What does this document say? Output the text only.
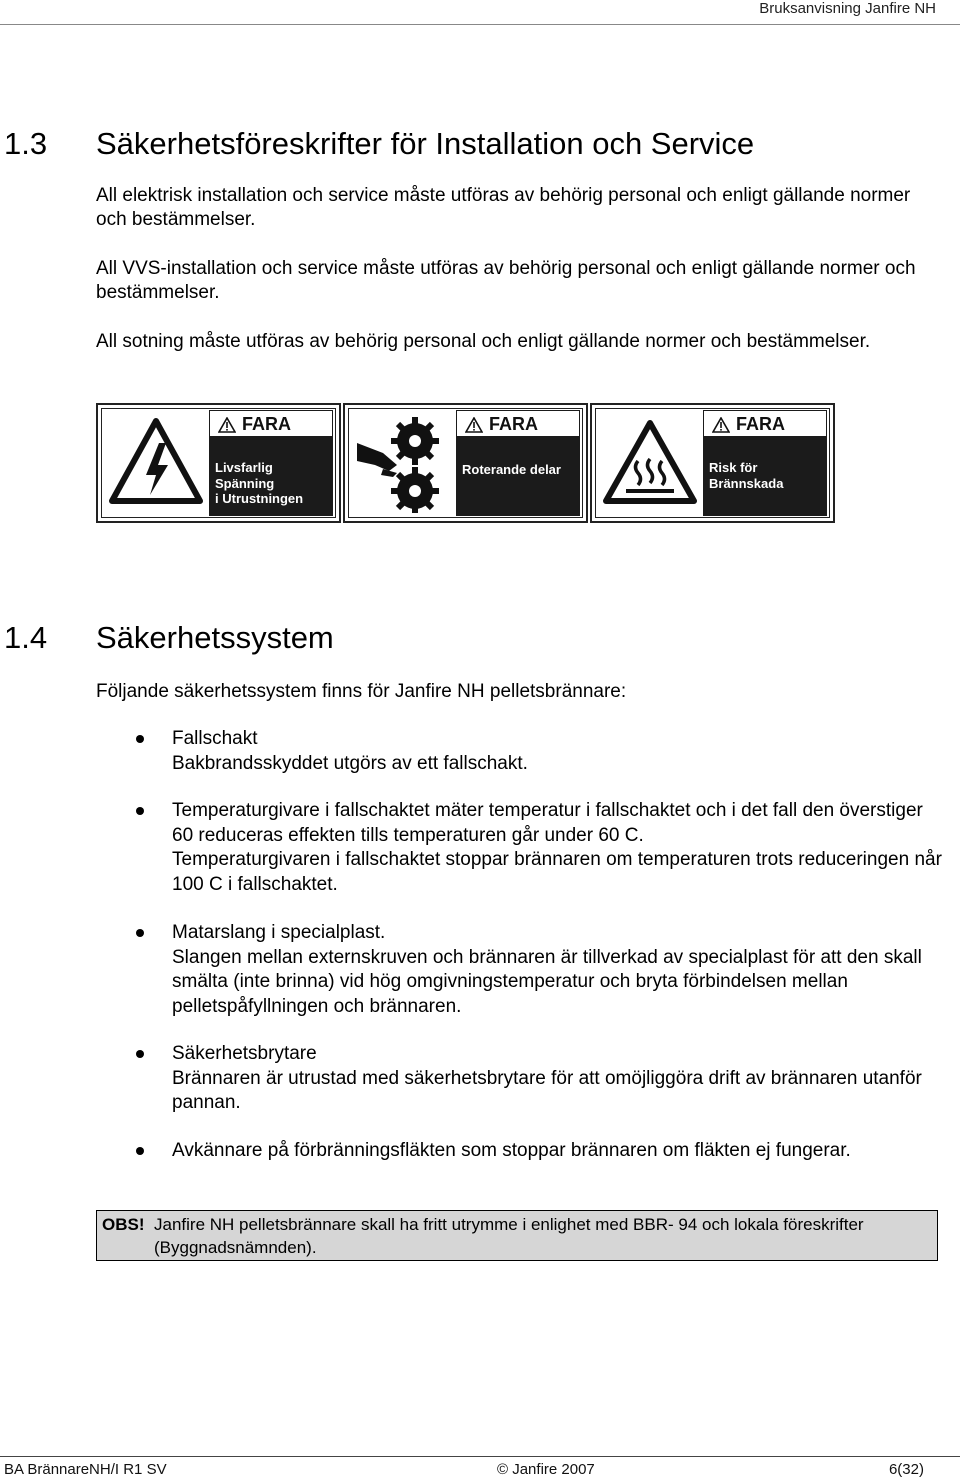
Bruksanvisning Janfire NH
1.3 Säkerhetsföreskrifter för Installation och Service

All elektrisk installation och service måste utföras av behörig personal och enligt gällande normer och bestämmelser.

All VVS-installation och service måste utföras av behörig personal och enligt gällande normer och bestämmelser.

All sotning måste utföras av behörig personal och enligt gällande normer och bestämmelser.

FARA
Livsfarlig
Spänning
i Utrustningen
FARA
Roterande delar
FARA
Risk för
Brännskada
1.4 Säkerhetssystem

Följande säkerhetssystem finns för Janfire NH pelletsbrännare:

Fallschakt
Bakbrandsskyddet utgörs av ett fallschakt.
Temperaturgivare i fallschaktet mäter temperatur i fallschaktet och i det fall den överstiger 60 reduceras effekten tills temperaturen går under 60 C.
Temperaturgivaren i fallschaktet stoppar brännaren om temperaturen trots reduceringen når 100 C i fallschaktet.
Matarslang i specialplast.
Slangen mellan externskruven och brännaren är tillverkad av specialplast för att den skall smälta (inte brinna) vid hög omgivningstemperatur och bryta förbindelsen mellan pelletspåfyllningen och brännaren.
Säkerhetsbrytare
Brännaren är utrustad med säkerhetsbrytare för att omöjliggöra drift av brännaren utanför pannan.
Avkännare på förbränningsfläkten som stoppar brännaren om fläkten ej fungerar.
OBS! Janfire NH pelletsbrännare skall ha fritt utrymme i enlighet med BBR- 94 och lokala föreskrifter (Byggnadsnämnden).
BA BrännareNH/I R1 SV	© Janfire 2007	6(32)
